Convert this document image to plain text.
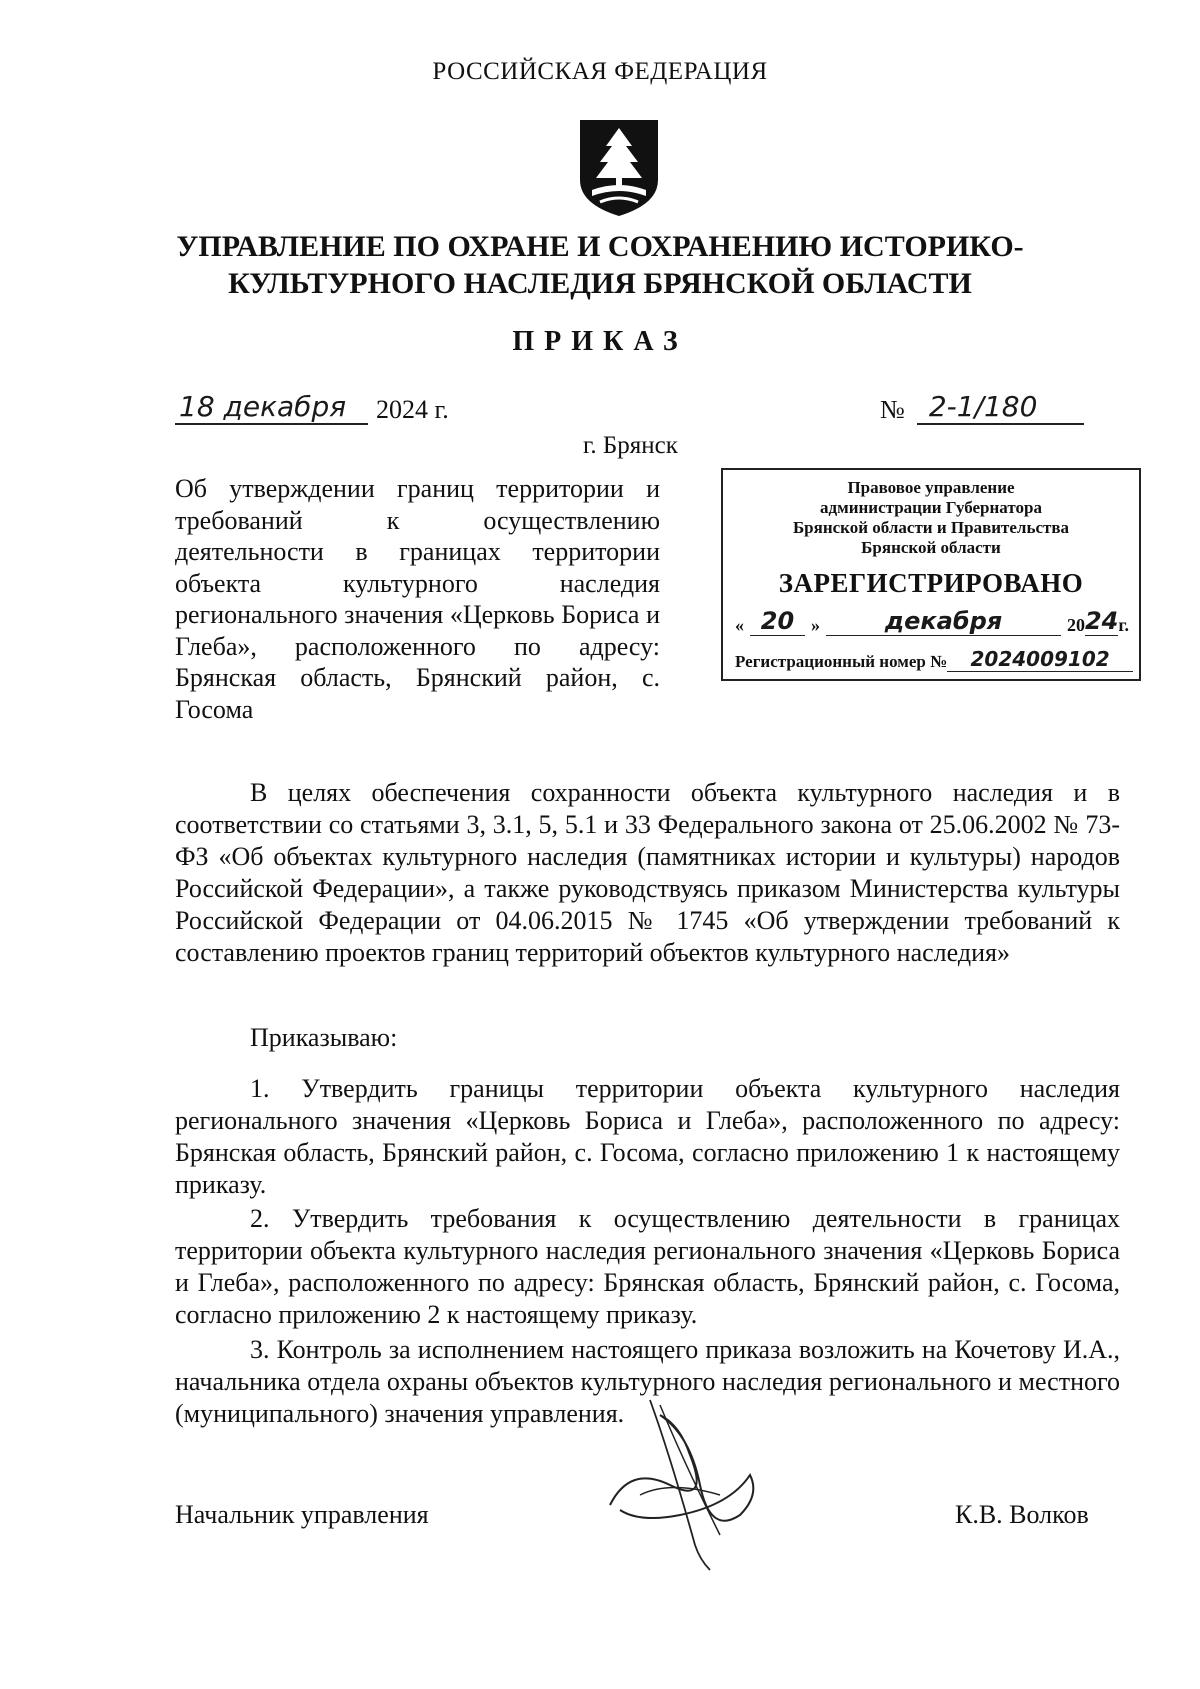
РОССИЙСКАЯ ФЕДЕРАЦИЯ
УПРАВЛЕНИЕ ПО ОХРАНЕ И СОХРАНЕНИЮ ИСТОРИКО-
КУЛЬТУРНОГО НАСЛЕДИЯ БРЯНСКОЙ ОБЛАСТИ
ПРИКАЗ
18 декабря	2024 г.	№ 2-1/180
г. Брянск
Об утверждении границ территории и требований к осуществлению деятельности в границах территории объекта культурного наследия регионального значения «Церковь Бориса и Глеба», расположенного по адресу: Брянская область, Брянский район, с. Госома
Правовое управление
администрации Губернатора
Брянской области и Правительства
Брянской области
ЗАРЕГИСТРИРОВАНО
« 20 »	декабря	20 24 г.
Регистрационный номер №	2024009102
В целях обеспечения сохранности объекта культурного наследия и в соответствии со статьями 3, 3.1, 5, 5.1 и 33 Федерального закона от 25.06.2002 № 73-ФЗ «Об объектах культурного наследия (памятниках истории и культуры) народов Российской Федерации», а также руководствуясь приказом Министерства культуры Российской Федерации от 04.06.2015 № 1745 «Об утверждении требований к составлению проектов границ территорий объектов культурного наследия»
Приказываю:
1. Утвердить границы территории объекта культурного наследия регионального значения «Церковь Бориса и Глеба», расположенного по адресу: Брянская область, Брянский район, с. Госома, согласно приложению 1 к настоящему приказу.
2. Утвердить требования к осуществлению деятельности в границах территории объекта культурного наследия регионального значения «Церковь Бориса и Глеба», расположенного по адресу: Брянская область, Брянский район, с. Госома, согласно приложению 2 к настоящему приказу.
3. Контроль за исполнением настоящего приказа возложить на Кочетову И.А., начальника отдела охраны объектов культурного наследия регионального и местного (муниципального) значения управления.
Начальник управления	К.В. Волков
